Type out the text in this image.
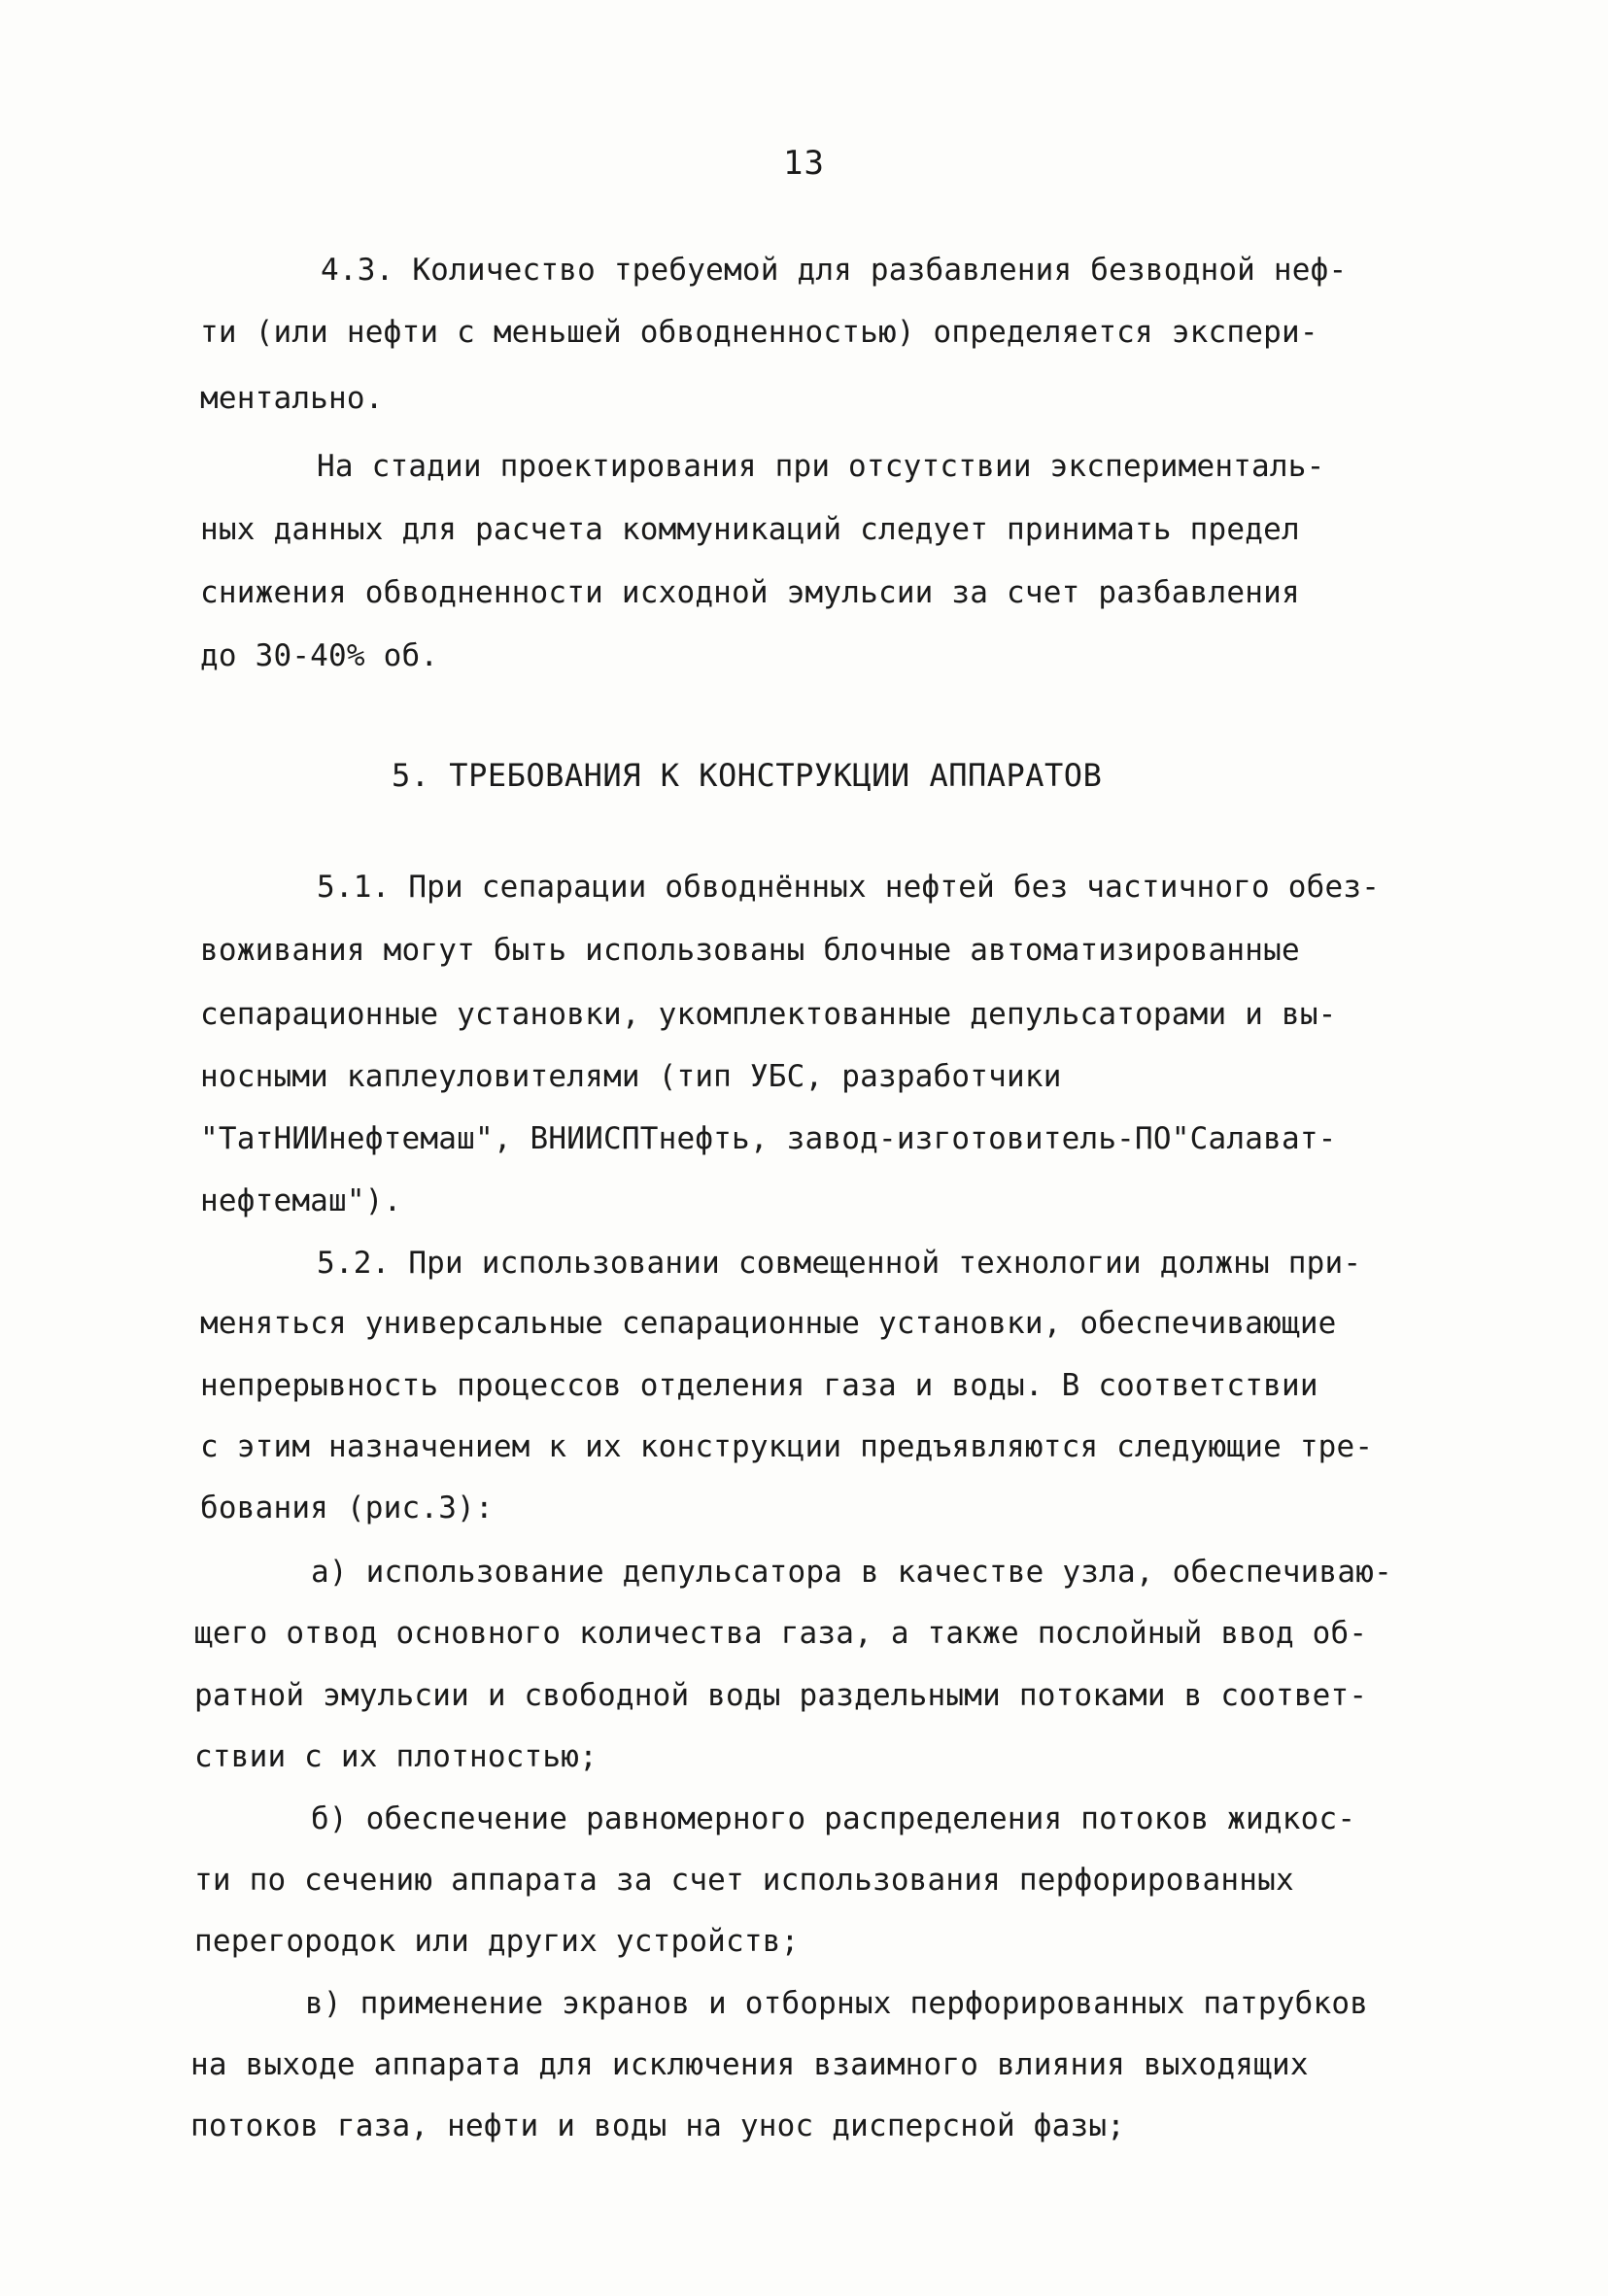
13
4.3. Количество требуемой для разбавления безводной неф-
ти (или нефти с меньшей обводненностью) определяется экспери-
ментально.
На стадии проектирования при отсутствии эксперименталь-
ных данных для расчета коммуникаций следует принимать предел
снижения обводненности исходной эмульсии за счет разбавления
до 30-40% об.
5. ТРЕБОВАНИЯ К КОНСТРУКЦИИ АППАРАТОВ
5.1. При сепарации обводнённых нефтей без частичного обез-
воживания могут быть использованы блочные автоматизированные
сепарационные установки, укомплектованные депульсаторами и вы-
носными каплеуловителями (тип УБС, разработчики
"ТатНИИнефтемаш", ВНИИСПТнефть, завод-изготовитель-ПО"Салават-
нефтемаш").
5.2. При использовании совмещенной технологии должны при-
меняться универсальные сепарационные установки, обеспечивающие
непрерывность процессов отделения газа и воды. В соответствии
с этим назначением к их конструкции предъявляются следующие тре-
бования (рис.3):
а) использование депульсатора в качестве узла, обеспечиваю-
щего отвод основного количества газа, а также послойный ввод об-
ратной эмульсии и свободной воды раздельными потоками в соответ-
ствии с их плотностью;
б) обеспечение равномерного распределения потоков жидкос-
ти по сечению аппарата за счет использования перфорированных
перегородок или других устройств;
в) применение экранов и отборных перфорированных патрубков
на выходе аппарата для исключения взаимного влияния выходящих
потоков газа, нефти и воды на унос дисперсной фазы;
